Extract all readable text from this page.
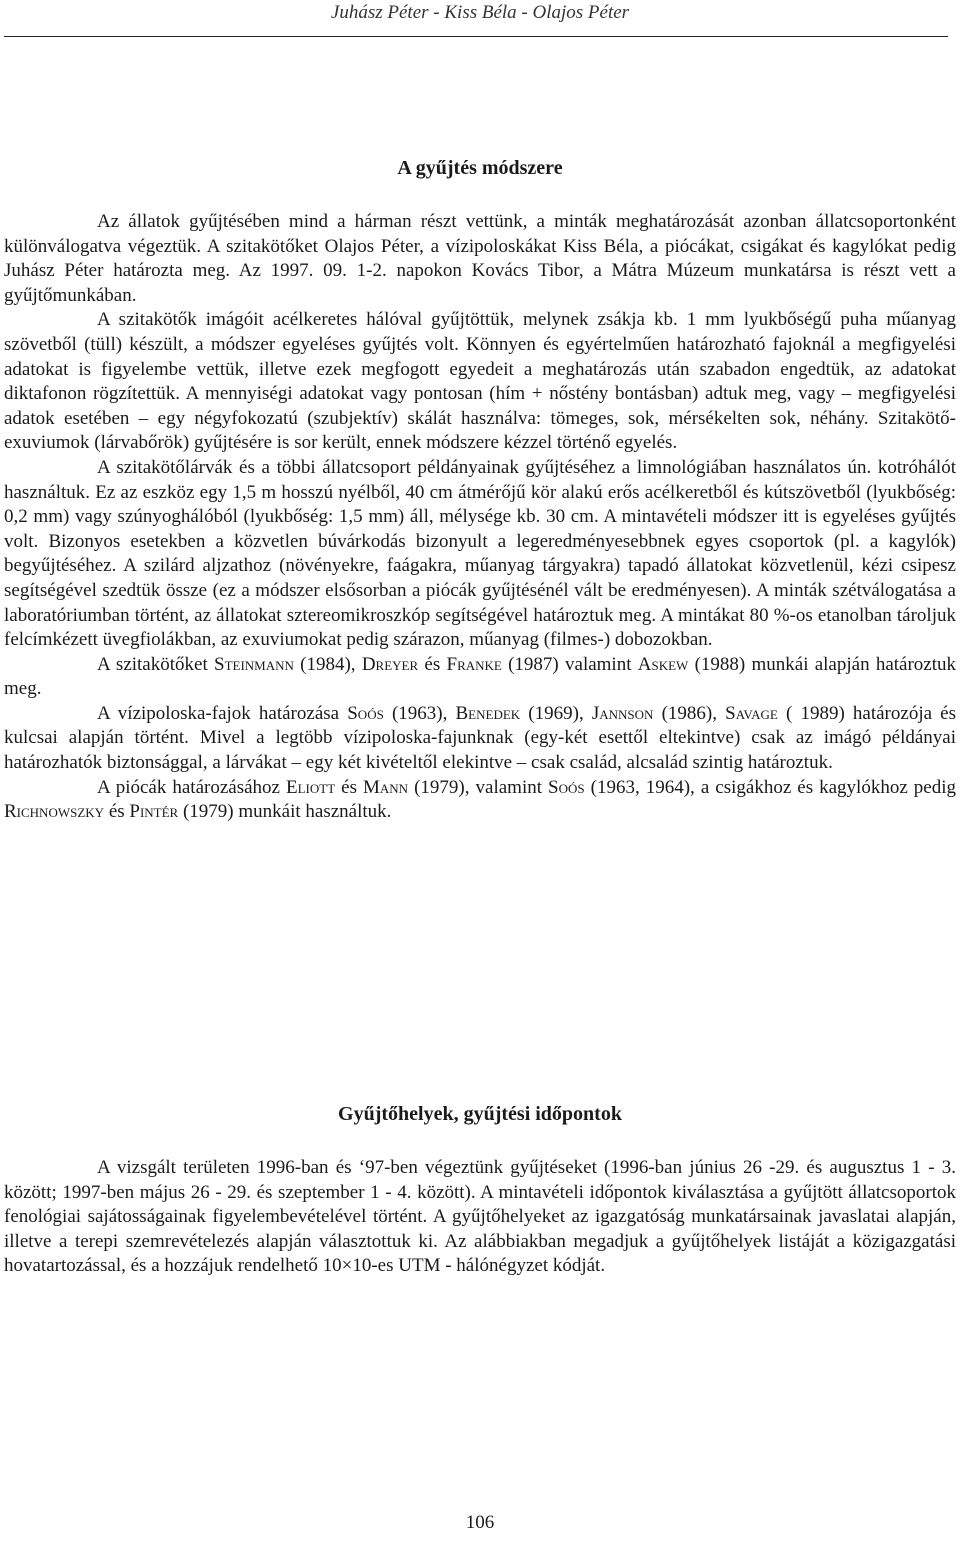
Juhász Péter - Kiss Béla - Olajos Péter
A gyűjtés módszere

Az állatok gyűjtésében mind a hárman részt vettünk, a minták meghatározását azonban állatcsoportonként különválogatva végeztük. A szitakötőket Olajos Péter, a vízipoloskákat Kiss Béla, a piócákat, csigákat és kagylókat pedig Juhász Péter határozta meg. Az 1997. 09. 1-2. napokon Kovács Tibor, a Mátra Múzeum munkatársa is részt vett a gyűjtőmunkában.

A szitakötők imágóit acélkeretes hálóval gyűjtöttük, melynek zsákja kb. 1 mm lyukbőségű puha műanyag szövetből (tüll) készült, a módszer egyeléses gyűjtés volt. Könnyen és egyértelműen határozható fajoknál a megfigyelési adatokat is figyelembe vettük, illetve ezek megfogott egyedeit a meghatározás után szabadon engedtük, az adatokat diktafonon rögzítettük. A mennyiségi adatokat vagy pontosan (hím + nőstény bontásban) adtuk meg, vagy – megfigyelési adatok esetében – egy négyfokozatú (szubjektív) skálát használva: tömeges, sok, mérsékelten sok, néhány. Szitakötő-exuviumok (lárvabőrök) gyűjtésére is sor került, ennek módszere kézzel történő egyelés.

A szitakötőlárvák és a többi állatcsoport példányainak gyűjtéséhez a limnológiában használatos ún. kotróhálót használtuk. Ez az eszköz egy 1,5 m hosszú nyélből, 40 cm átmérőjű kör alakú erős acélkeretből és kútszövetből (lyukbőség: 0,2 mm) vagy szúnyoghálóból (lyukbőség: 1,5 mm) áll, mélysége kb. 30 cm. A mintavételi módszer itt is egyeléses gyűjtés volt. Bizonyos esetekben a közvetlen búvárkodás bizonyult a legeredményesebbnek egyes csoportok (pl. a kagylók) begyűjtéséhez. A szilárd aljzathoz (növényekre, faágakra, műanyag tárgyakra) tapadó állatokat közvetlenül, kézi csipesz segítségével szedtük össze (ez a módszer elsősorban a piócák gyűjtésénél vált be eredményesen). A minták szétválogatása a laboratóriumban történt, az állatokat sztereomikroszkóp segítségével határoztuk meg. A mintákat 80 %-os etanolban tároljuk felcímkézett üvegfiolákban, az exuviumokat pedig szárazon, műanyag (filmes-) dobozokban.

A szitakötőket Steinmann (1984), Dreyer és Franke (1987) valamint Askew (1988) munkái alapján határoztuk meg.

A vízipoloska-fajok határozása Soós (1963), Benedek (1969), Jannson (1986), Savage ( 1989) határozója és kulcsai alapján történt. Mivel a legtöbb vízipoloska-fajunknak (egy-két esettől eltekintve) csak az imágó példányai határozhatók biztonsággal, a lárvákat – egy két kivételtől elekintve – csak család, alcsalád szintig határoztuk.

A piócák határozásához Eliott és Mann (1979), valamint Soós (1963, 1964), a csigákhoz és kagylókhoz pedig Richnowszky és Pintér (1979) munkáit használtuk.

Gyűjtőhelyek, gyűjtési időpontok

A vizsgált területen 1996-ban és ‘97-ben végeztünk gyűjtéseket (1996-ban június 26 -29. és augusztus 1 - 3. között; 1997-ben május 26 - 29. és szeptember 1 - 4. között). A mintavételi időpontok kiválasztása a gyűjtött állatcsoportok fenológiai sajátosságainak figyelembevételével történt. A gyűjtőhelyeket az igazgatóság munkatársainak javaslatai alapján, illetve a terepi szemrevételezés alapján választottuk ki. Az alábbiakban megadjuk a gyűjtőhelyek listáját a közigazgatási hovatartozással, és a hozzájuk rendelhető 10×10-es UTM - hálónégyzet kódját.

106
